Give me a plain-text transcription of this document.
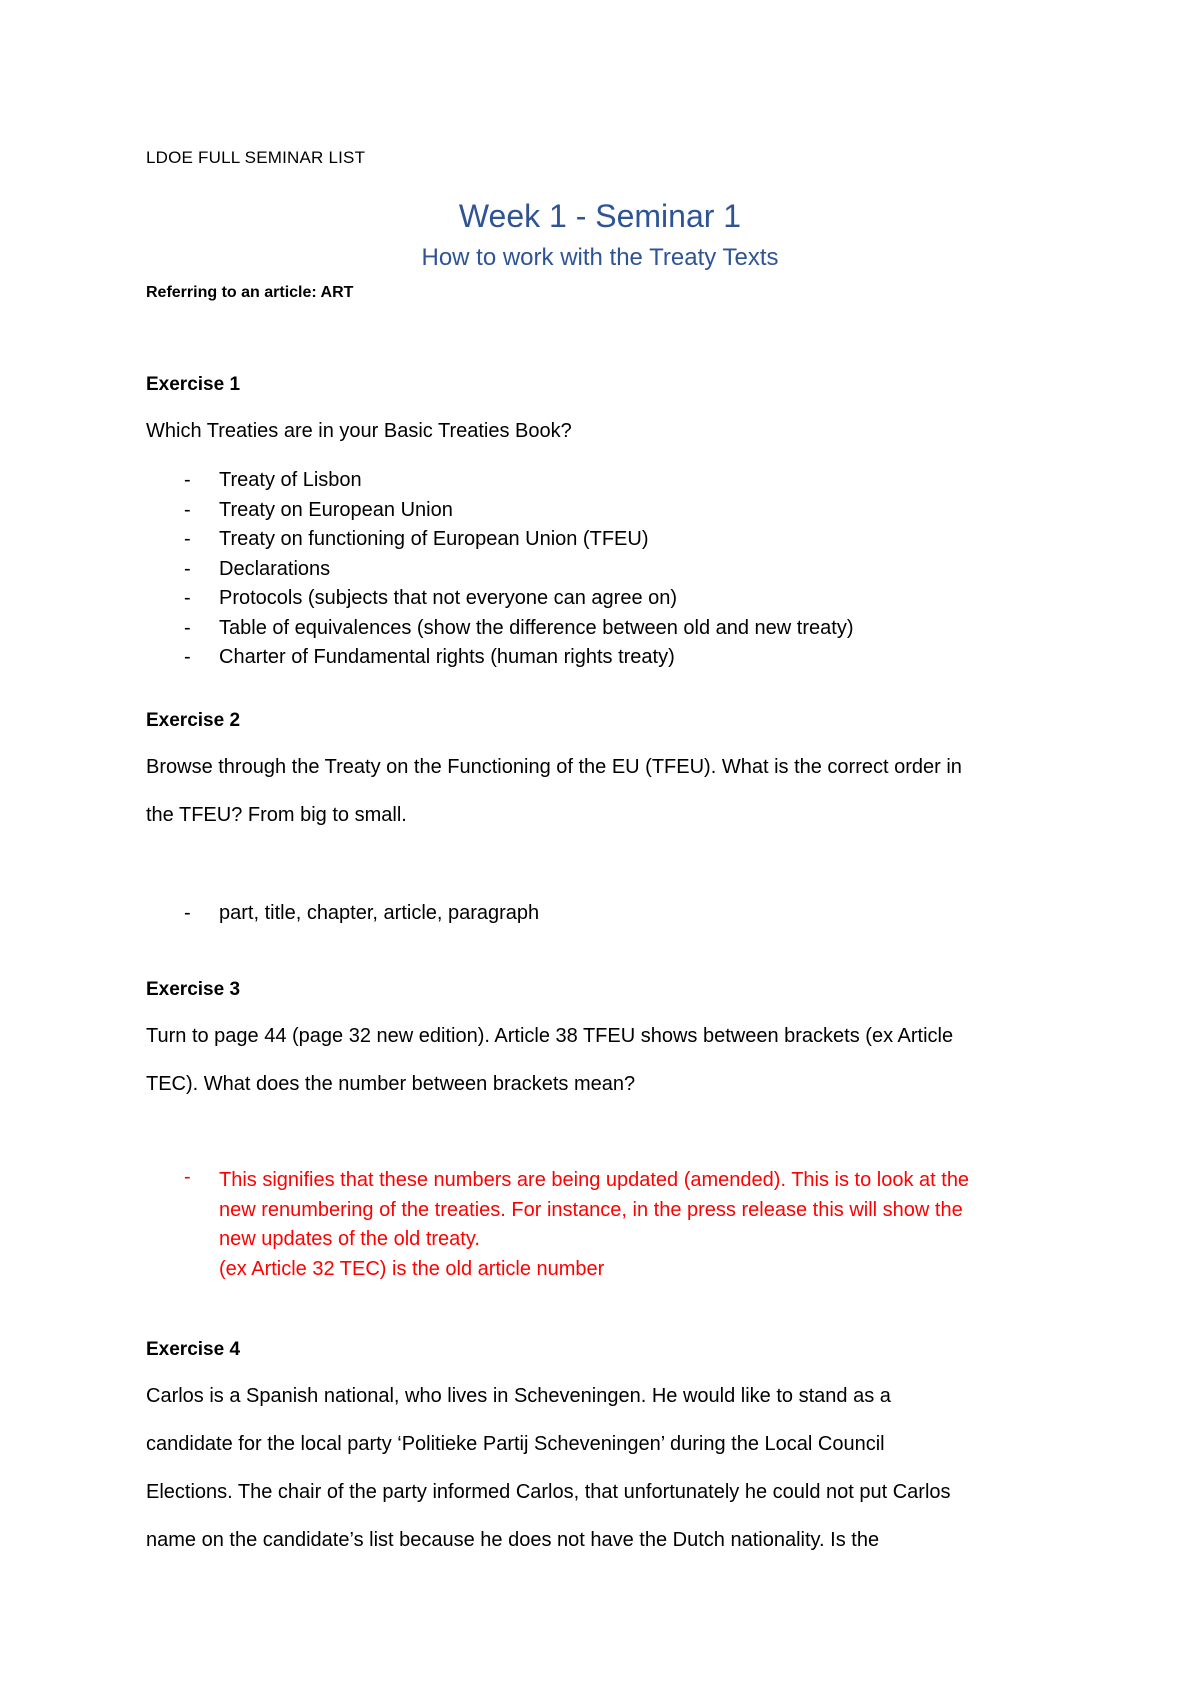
LDOE FULL SEMINAR LIST
Week 1 - Seminar 1
How to work with the Treaty Texts
Referring to an article: ART
Exercise 1
Which Treaties are in your Basic Treaties Book?
- Treaty of Lisbon
- Treaty on European Union
- Treaty on functioning of European Union (TFEU)
- Declarations
- Protocols (subjects that not everyone can agree on)
- Table of equivalences (show the difference between old and new treaty)
- Charter of Fundamental rights (human rights treaty)
Exercise 2
Browse through the Treaty on the Functioning of the EU (TFEU). What is the correct order in
the TFEU? From big to small.
- part, title, chapter, article, paragraph
Exercise 3
Turn to page 44 (page 32 new edition). Article 38 TFEU shows between brackets (ex Article
TEC). What does the number between brackets mean?
- This signifies that these numbers are being updated (amended). This is to look at the
new renumbering of the treaties. For instance, in the press release this will show the
new updates of the old treaty.
(ex Article 32 TEC) is the old article number
Exercise 4
Carlos is a Spanish national, who lives in Scheveningen. He would like to stand as a
candidate for the local party ‘Politieke Partij Scheveningen’ during the Local Council
Elections. The chair of the party informed Carlos, that unfortunately he could not put Carlos
name on the candidate’s list because he does not have the Dutch nationality. Is the
